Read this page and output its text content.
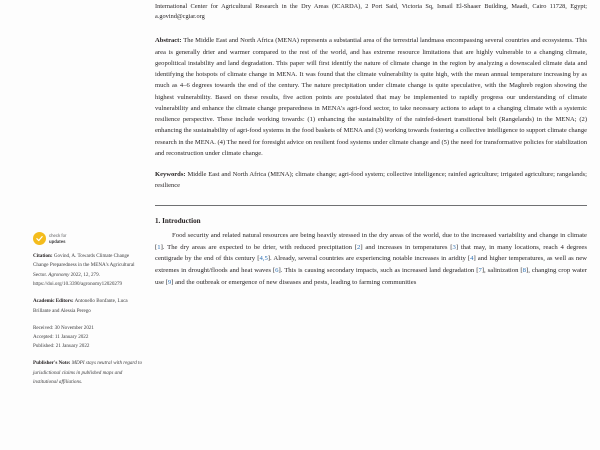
check for
updates
Citation: Govind, A. Towards Climate Change Change Preparedness in the MENA's Agricultural Sector. Agronomy 2022, 12, 279. https://doi.org/10.3390/agronomy12020279
Academic Editors: Antonello Bonfante, Luca Brillante and Alessia Perego
Received: 30 November 2021
Accepted: 11 January 2022
Published: 21 January 2022
Publisher's Note: MDPI stays neutral with regard to jurisdictional claims in published maps and institutional affiliations.
International Center for Agricultural Research in the Dry Areas (ICARDA), 2 Port Said, Victoria Sq, Ismail El-Shaaer Building, Maadi, Cairo 11728, Egypt; a.govind@cgiar.org
Abstract: The Middle East and North Africa (MENA) represents a substantial area of the terrestrial landmass encompassing several countries and ecosystems. This area is generally drier and warmer compared to the rest of the world, and has extreme resource limitations that are highly vulnerable to a changing climate, geopolitical instability and land degradation. This paper will first identify the nature of climate change in the region by analyzing a downscaled climate data and identifying the hotspots of climate change in MENA. It was found that the climate vulnerability is quite high, with the mean annual temperature increasing by as much as 4–6 degrees towards the end of the century. The nature precipitation under climate change is quite speculative, with the Maghreb region showing the highest vulnerability. Based on these results, five action points are postulated that may be implemented to rapidly progress our understanding of climate vulnerability and enhance the climate change preparedness in MENA's agri-food sector, to take necessary actions to adapt to a changing climate with a systemic resilience perspective. These include working towards: (1) enhancing the sustainability of the rainfed-desert transitional belt (Rangelands) in the MENA; (2) enhancing the sustainability of agri-food systems in the food baskets of MENA and (3) working towards fostering a collective intelligence to support climate change research in the MENA. (4) The need for foresight advice on resilient food systems under climate change and (5) the need for transformative policies for stabilization and reconstruction under climate change.
Keywords: Middle East and North Africa (MENA); climate change; agri-food system; collective intelligence; rainfed agriculture; irrigated agriculture; rangelands; resilience
1. Introduction
Food security and related natural resources are being heavily stressed in the dry areas of the world, due to the increased variability and change in climate [1]. The dry areas are expected to be drier, with reduced precipitation [2] and increases in temperatures [3] that may, in many locations, reach 4 degrees centigrade by the end of this century [4,5]. Already, several countries are experiencing notable increases in aridity [4] and higher temperatures, as well as new extremes in drought/floods and heat waves [6]. This is causing secondary impacts, such as increased land degradation [7], salinization [8], changing crop water use [9] and the outbreak or emergence of new diseases and pests, leading to farming communities
